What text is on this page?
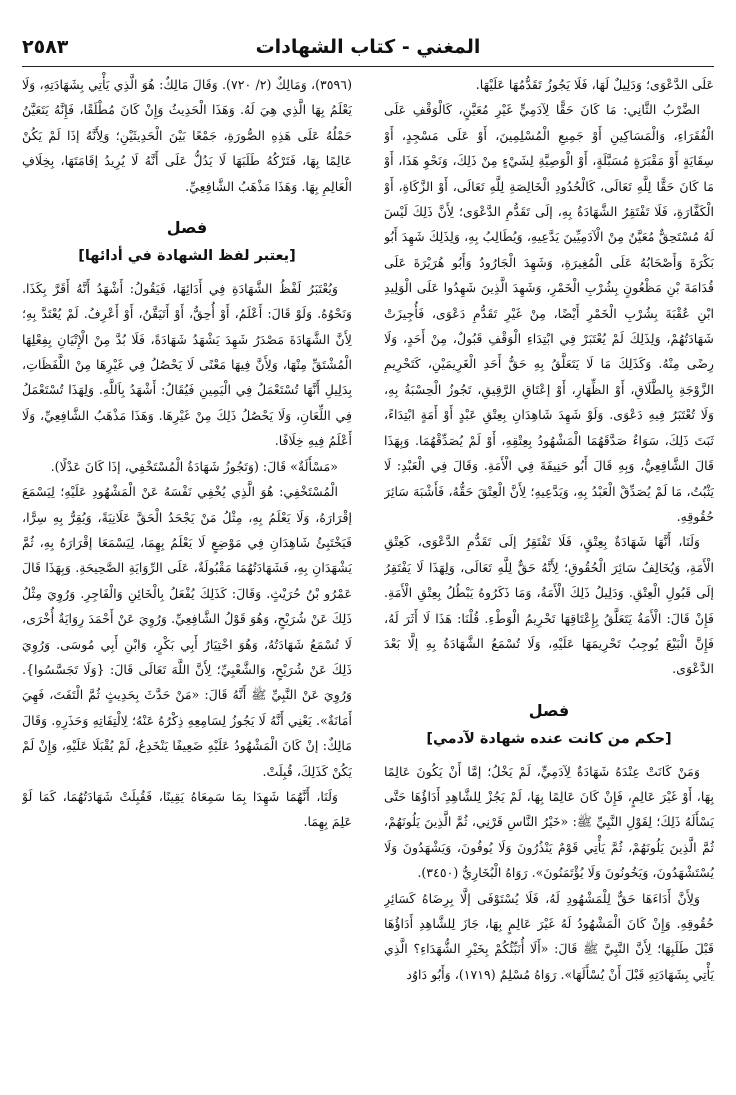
المغني - كتاب الشهادات
٢٥٨٣

عَلَى الدَّعْوَى؛ وَدَلِيلٌ لَهَا، فَلَا يَجُوزُ تَقَدُّمُهَا عَلَيْهَا.

الضَّرْبُ الثَّانِي: مَا كَانَ حَقًّا لِآدَمِيٍّ غَيْرِ مُعَيَّنٍ، كَالْوَقْفِ عَلَى الْفُقَرَاءِ، وَالْمَسَاكِينِ أَوْ جَمِيعِ الْمُسْلِمِينَ، أَوْ عَلَى مَسْجِدٍ، أَوْ سِقَايَةٍ أَوْ مَقْبَرَةٍ مُسَبَّلَةٍ، أَوْ الْوَصِيَّةِ لِشَيْءٍ مِنْ ذَلِكَ، وَنَحْوِ هَذَا، أَوْ مَا كَانَ حَقًّا لِلَّهِ تَعَالَى، كَالْحُدُودِ الْخَالِصَةِ لِلَّهِ تَعَالَى، أَوْ الزَّكَاةِ، أَوْ الْكَفَّارَةِ، فَلَا تَفْتَقِرُ الشَّهَادَةُ بِهِ، إلَى تَقَدُّمِ الدَّعْوَى؛ لِأَنَّ ذَلِكَ لَيْسَ لَهُ مُسْتَحِقٌّ مُعَيَّنٌ مِنْ الْآدَمِيِّينَ يَدَّعِيهِ، وَيُطَالِبُ بِهِ، وَلِذَلِكَ شَهِدَ أَبُو بَكْرَةَ وَأَصْحَابُهُ عَلَى الْمُغِيرَةِ، وَشَهِدَ الْجَارُودُ وَأَبُو هُرَيْرَةَ عَلَى قُدَامَةَ بْنِ مَظْعُونٍ بِشُرْبِ الْخَمْرِ، وَشَهِدَ الَّذِينَ شَهِدُوا عَلَى الْوَلِيدِ ابْنِ عُقْبَةَ بِشُرْبِ الْخَمْرِ أَيْضًا، مِنْ غَيْرِ تَقَدُّمِ دَعْوَى، فَأُجِيزَتْ شَهَادَتُهُمْ، وَلِذَلِكَ لَمْ يُعْتَبَرْ فِي ابْتِدَاءِ الْوَقْفِ قَبُولٌ، مِنْ أَحَدٍ، وَلَا رِضًى مِنْهُ. وَكَذَلِكَ مَا لَا يَتَعَلَّقُ بِهِ حَقُّ أَحَدِ الْغَرِيمَيْنِ، كَتَحْرِيمِ الزَّوْجَةِ بِالطَّلَاقِ، أَوْ الظِّهَارِ، أَوْ إعْتَاقِ الرَّقِيقِ، تَجُوزُ الْحِسْبَةُ بِهِ، وَلَا تُعْتَبَرُ فِيهِ دَعْوَى. وَلَوْ شَهِدَ شَاهِدَانِ بِعِتْقِ عَبْدٍ أَوْ أَمَةٍ ابْتِدَاءً، ثَبَتَ ذَلِكَ، سَوَاءٌ صَدَّقَهُمَا الْمَشْهُودُ بِعِتْقِهِ، أَوْ لَمْ يُصَدِّقْهُمَا. وَبِهَذَا قَالَ الشَّافِعِيُّ، وَبِهِ قَالَ أَبُو حَنِيفَةَ فِي الْأَمَةِ. وَقَالَ فِي الْعَبْدِ: لَا يَثْبُتُ، مَا لَمْ يُصَدِّقْ الْعَبْدُ بِهِ، وَيَدَّعِيهِ؛ لِأَنَّ الْعِتْقَ حَقُّهُ، فَأَشْبَهَ سَائِرَ حُقُوقِهِ.

وَلَنَا، أَنَّهَا شَهَادَةٌ بِعِتْقٍ، فَلَا تَفْتَقِرُ إلَى تَقَدُّمِ الدَّعْوَى، كَعِتْقِ الْأَمَةِ، وَيُخَالِفُ سَائِرَ الْحُقُوقِ؛ لِأَنَّهُ حَقٌّ لِلَّهِ تَعَالَى، وَلِهَذَا لَا يَفْتَقِرُ إلَى قَبُولِ الْعِتْقِ. وَدَلِيلُ ذَلِكَ الْأَمَةُ، وَمَا ذَكَرُوهُ يَبْطُلُ بِعِتْقِ الْأَمَةِ. فَإِنْ قَالَ: الْأَمَةُ يَتَعَلَّقُ بِإِعْتَاقِهَا تَحْرِيمُ الْوَطْءِ. قُلْنَا: هَذَا لَا أَثَرَ لَهُ، فَإِنَّ الْبَيْعَ يُوجِبُ تَحْرِيمَهَا عَلَيْهِ، وَلَا تُسْمَعُ الشَّهَادَةُ بِهِ إلَّا بَعْدَ الدَّعْوَى.

فصل
[حكم من كانت عنده شهادة لآدمي]

وَمَنْ كَانَتْ عِنْدَهُ شَهَادَةٌ لِآدَمِيٍّ، لَمْ يَخْلُ؛ إمَّا أَنْ يَكُونَ عَالِمًا بِهَا، أَوْ غَيْرَ عَالِمٍ، فَإِنْ كَانَ عَالِمًا بِهَا، لَمْ يَجُزْ لِلشَّاهِدِ أَدَاؤُهَا حَتَّى يَسْأَلَهُ ذَلِكَ؛ لِقَوْلِ النَّبِيِّ ﷺ: «خَيْرُ النَّاسِ قَرْنِي، ثُمَّ الَّذِينَ يَلُونَهُمْ، ثُمَّ الَّذِينَ يَلُونَهُمْ، ثُمَّ يَأْتِي قَوْمٌ يَنْذُرُونَ وَلَا يُوفُونَ، وَيَشْهَدُونَ وَلَا يُسْتَشْهَدُونَ، وَيَخُونُونَ وَلَا يُؤْتَمَنُونَ». رَوَاهُ الْبُخَارِيُّ (٣٤٥٠).

وَلِأَنَّ أَدَاءَهَا حَقٌّ لِلْمَشْهُودِ لَهُ، فَلَا يُسْتَوْفَى إلَّا بِرِضَاهُ كَسَائِرِ حُقُوقِهِ. وَإِنْ كَانَ الْمَشْهُودُ لَهُ غَيْرَ عَالِمٍ بِهَا، جَازَ لِلشَّاهِدِ أَدَاؤُهَا قَبْلَ طَلَبِهَا؛ لِأَنَّ النَّبِيَّ ﷺ قَالَ: «أَلَا أُنَبِّئُكُمْ بِخَيْرِ الشُّهَدَاءِ؟ الَّذِي يَأْتِي بِشَهَادَتِهِ قَبْلَ أَنْ يُسْأَلَهَا». رَوَاهُ مُسْلِمٌ (١٧١٩)، وَأَبُو دَاوُد

(٣٥٩٦)، وَمَالِكٌ (٢/ ٧٢٠). وَقَالَ مَالِكٌ: هُوَ الَّذِي يَأْتِي بِشَهَادَتِهِ، وَلَا يَعْلَمُ بِهَا الَّذِي هِيَ لَهُ. وَهَذَا الْحَدِيثُ وَإِنْ كَانَ مُطْلَقًا، فَإِنَّهُ يَتَعَيَّنُ حَمْلُهُ عَلَى هَذِهِ الصُّورَةِ، جَمْعًا بَيْنَ الْحَدِيثَيْنِ؛ وَلِأَنَّهُ إذَا لَمْ يَكُنْ عَالِمًا بِهَا، فَتَرْكُهُ طَلَبَهَا لَا يَدُلُّ عَلَى أَنَّهُ لَا يُرِيدُ إقَامَتَهَا، بِخِلَافِ الْعَالِمِ بِهَا. وَهَذَا مَذْهَبُ الشَّافِعِيِّ.

فصل
[يعتبر لفظ الشهادة في أدائها]

وَيُعْتَبَرُ لَفْظُ الشَّهَادَةِ فِي أَدَائِهَا، فَيَقُولُ: أَشْهَدُ أَنَّهُ أَقَرَّ بِكَذَا. وَنَحْوُهُ. وَلَوْ قَالَ: أَعْلَمُ، أَوْ أُحِقُّ، أَوْ أَتَيَقَّنُ، أَوْ أَعْرِفُ. لَمْ يُعْتَدَّ بِهِ؛ لِأَنَّ الشَّهَادَةَ مَصْدَرُ شَهِدَ يَشْهَدُ شَهَادَةً، فَلَا بُدَّ مِنْ الْإِتْيَانِ بِفِعْلِهَا الْمُشْتَقِّ مِنْهَا، وَلِأَنَّ فِيهَا مَعْنًى لَا يَحْصُلُ فِي غَيْرِهَا مِنْ اللَّفَظَاتِ، بِدَلِيلِ أَنَّهَا تُسْتَعْمَلُ فِي الْيَمِينِ فَيُقَالُ: أَشْهَدُ بِاَللَّهِ. وَلِهَذَا تُسْتَعْمَلُ فِي اللِّعَانِ، وَلَا يَحْصُلُ ذَلِكَ مِنْ غَيْرِهَا. وَهَذَا مَذْهَبُ الشَّافِعِيِّ، وَلَا أَعْلَمُ فِيهِ خِلَافًا.

«مَسْأَلَةٌ» قَالَ: (وَتَجُوزُ شَهَادَةُ الْمُسْتَخْفِي، إذَا كَانَ عَدْلًا).

الْمُسْتَخْفِي: هُوَ الَّذِي يُخْفِي نَفْسَهُ عَنْ الْمَشْهُودِ عَلَيْهِ؛ لِيَسْمَعَ إقْرَارَهُ، وَلَا يَعْلَمُ بِهِ، مِثْلُ مَنْ يَجْحَدُ الْحَقَّ عَلَانِيَةً، وَيُقِرُّ بِهِ سِرًّا، فَيَخْتَبِئُ شَاهِدَانِ فِي مَوْضِعٍ لَا يَعْلَمُ بِهِمَا، لِيَسْمَعَا إقْرَارَهُ بِهِ، ثُمَّ يَشْهَدَانِ بِهِ، فَشَهَادَتُهُمَا مَقْبُولَةٌ، عَلَى الرِّوَايَةِ الصَّحِيحَةِ. وَبِهَذَا قَالَ عَمْرُو بْنُ حُرَيْثٍ. وَقَالَ: كَذَلِكَ يُفْعَلُ بِالْخَائِنِ وَالْفَاجِرِ. وَرُوِيَ مِثْلُ ذَلِكَ عَنْ شُرَيْحٍ، وَهُوَ قَوْلُ الشَّافِعِيِّ. وَرُوِيَ عَنْ أَحْمَدَ رِوَايَةٌ أُخْرَى، لَا تُسْمَعُ شَهَادَتُهُ، وَهُوَ اخْتِيَارُ أَبِي بَكْرٍ، وَابْنِ أَبِي مُوسَى. وَرُوِيَ ذَلِكَ عَنْ شُرَيْحٍ، وَالشَّعْبِيِّ؛ لِأَنَّ اللَّهَ تَعَالَى قَالَ: {وَلَا تَجَسَّسُوا}. وَرُوِيَ عَنْ النَّبِيِّ ﷺ أَنَّهُ قَالَ: «مَنْ حَدَّثَ بِحَدِيثٍ ثُمَّ الْتَفَتَ، فَهِيَ أَمَانَةٌ». يَعْنِي أَنَّهُ لَا يَجُوزُ لِسَامِعِهِ ذِكْرُهُ عَنْهُ؛ لِالْتِفَاتِهِ وَحَذَرِهِ. وَقَالَ مَالِكٌ: إنْ كَانَ الْمَشْهُودُ عَلَيْهِ ضَعِيفًا يَنْخَدِعُ، لَمْ يُقْبَلَا عَلَيْهِ، وَإِنْ لَمْ يَكُنْ كَذَلِكَ، قُبِلَتْ.

وَلَنَا، أَنَّهُمَا شَهِدَا بِمَا سَمِعَاهُ يَقِينًا، فَقُبِلَتْ شَهَادَتُهُمَا، كَمَا لَوْ عَلِمَ بِهِمَا.
